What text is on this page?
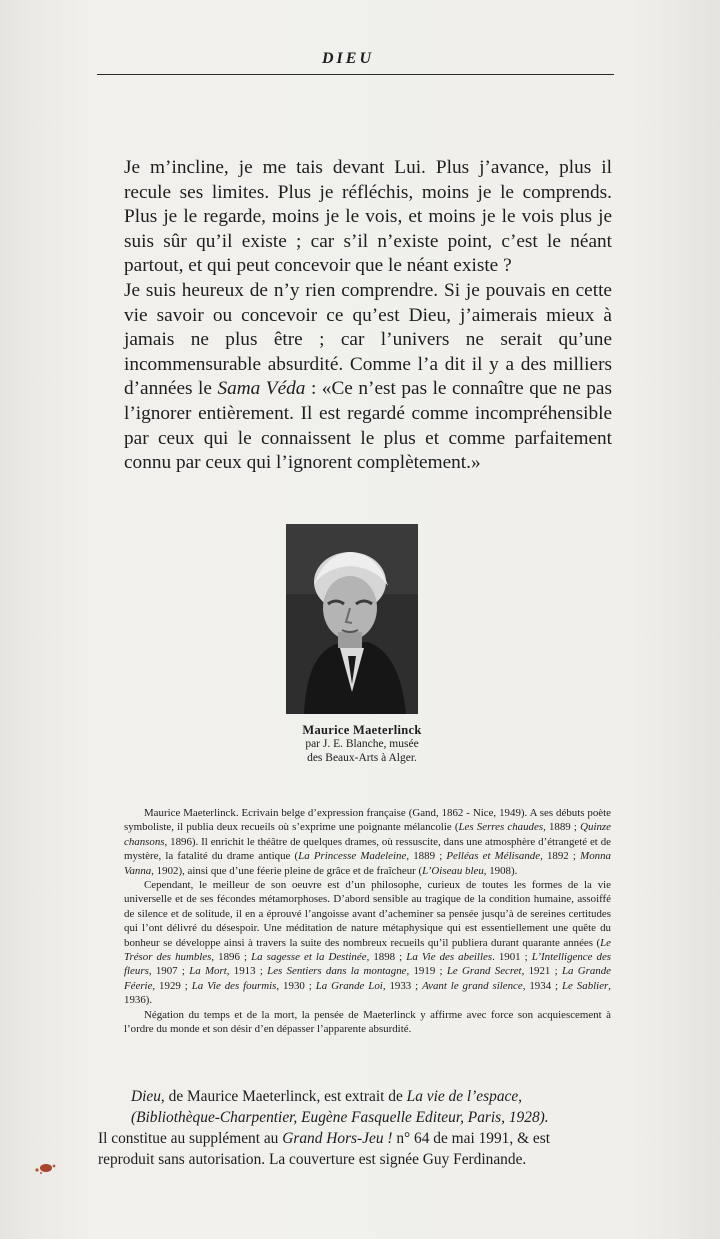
DIEU

Je m’incline, je me tais devant Lui. Plus j’avance, plus il recule ses limites. Plus je réfléchis, moins je le comprends. Plus je le regarde, moins je le vois, et moins je le vois plus je suis sûr qu’il existe ; car s’il n’existe point, c’est le néant partout, et qui peut concevoir que le néant existe ?

Je suis heureux de n’y rien comprendre. Si je pouvais en cette vie savoir ou concevoir ce qu’est Dieu, j’aimerais mieux à jamais ne plus être ; car l’univers ne serait qu’une incommensurable absurdité. Comme l’a dit il y a des milliers d’années le Sama Véda : «Ce n’est pas le connaître que ne pas l’ignorer entièrement. Il est regardé comme incompréhensible par ceux qui le connaissent le plus et comme parfaitement connu par ceux qui l’ignorent complètement.»

Maurice Maeterlinck
par J. E. Blanche, musée
des Beaux-Arts à Alger.

Maurice Maeterlinck. Ecrivain belge d’expression française (Gand, 1862 - Nice, 1949). A ses débuts poète symboliste, il publia deux recueils où s’exprime une poignante mélancolie (Les Serres chaudes, 1889 ; Quinze chansons, 1896). Il enrichit le théâtre de quelques drames, où ressuscite, dans une atmosphère d’étrangeté et de mystère, la fatalité du drame antique (La Princesse Madeleine, 1889 ; Pelléas et Mélisande, 1892 ; Monna Vanna, 1902), ainsi que d’une féerie pleine de grâce et de fraîcheur (L’Oiseau bleu, 1908).

Cependant, le meilleur de son oeuvre est d’un philosophe, curieux de toutes les formes de la vie universelle et de ses fécondes métamorphoses. D’abord sensible au tragique de la condition humaine, assoiffé de silence et de solitude, il en a éprouvé l’angoisse avant d’acheminer sa pensée jusqu’à de sereines certitudes qui l’ont délivré du désespoir. Une méditation de nature métaphysique qui est essentiellement une quête du bonheur se développe ainsi à travers la suite des nombreux recueils qu’il publiera durant quarante années (Le Trésor des humbles, 1896 ; La sagesse et la Destinée, 1898 ; La Vie des abeilles. 1901 ; L’Intelligence des fleurs, 1907 ; La Mort, 1913 ; Les Sentiers dans la montagne, 1919 ; Le Grand Secret, 1921 ; La Grande Féerie, 1929 ; La Vie des fourmis, 1930 ; La Grande Loi, 1933 ; Avant le grand silence, 1934 ; Le Sablier, 1936).

Négation du temps et de la mort, la pensée de Maeterlinck y affirme avec force son acquiescement à l’ordre du monde et son désir d’en dépasser l’apparente absurdité.

Dieu, de Maurice Maeterlinck, est extrait de La vie de l’espace,
(Bibliothèque-Charpentier, Eugène Fasquelle Editeur, Paris, 1928).
Il constitue au supplément au Grand Hors-Jeu ! n° 64 de mai 1991, & est
reproduit sans autorisation. La couverture est signée Guy Ferdinande.
